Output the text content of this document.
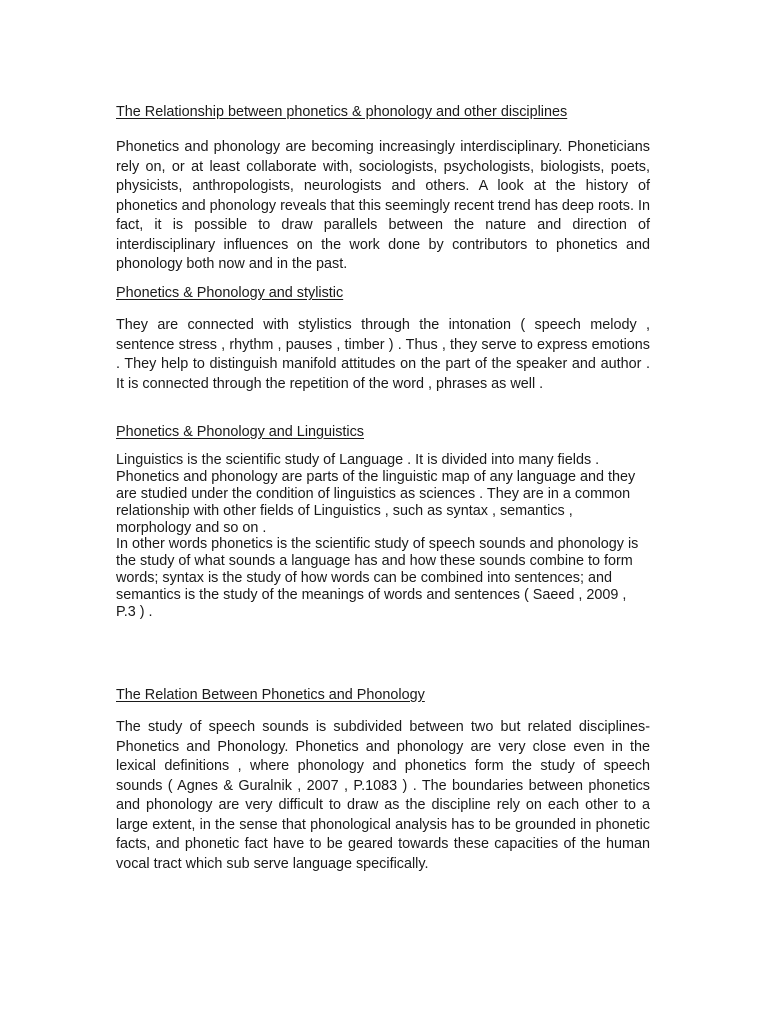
The Relationship between phonetics & phonology and other disciplines

Phonetics and phonology are becoming increasingly interdisciplinary. Phoneticians rely on, or at least collaborate with, sociologists, psychologists, biologists, poets, physicists, anthropologists, neurologists and others. A look at the history of phonetics and phonology reveals that this seemingly recent trend has deep roots. In fact, it is possible to draw parallels between the nature and direction of interdisciplinary influences on the work done by contributors to phonetics and phonology both now and in the past.

Phonetics & Phonology and stylistic

They are connected with stylistics through the intonation ( speech melody , sentence stress , rhythm , pauses , timber ) . Thus , they serve to express emotions . They help to distinguish manifold attitudes on the part of the speaker and author . It is connected through the repetition of the word , phrases as well .

Phonetics & Phonology and Linguistics

Linguistics is the scientific study of Language . It is divided into many fields . Phonetics and phonology are parts of the linguistic map of any language and they are studied under the condition of linguistics as sciences . They are in a common relationship with other fields of Linguistics , such as syntax , semantics , morphology and so on .

In other words phonetics is the scientific study of speech sounds and phonology is the study of what sounds a language has and how these sounds combine to form words; syntax is the study of how words can be combined into sentences; and semantics is the study of the meanings of words and sentences ( Saeed , 2009 , P.3 ) .

The Relation Between Phonetics and Phonology

The study of speech sounds is subdivided between two but related disciplines- Phonetics and Phonology. Phonetics and phonology are very close even in the lexical definitions , where phonology and phonetics form the study of speech sounds ( Agnes & Guralnik , 2007 , P.1083 ) . The boundaries between phonetics and phonology are very difficult to draw as the discipline rely on each other to a large extent, in the sense that phonological analysis has to be grounded in phonetic facts, and phonetic fact have to be geared towards these capacities of the human vocal tract which sub serve language specifically.
